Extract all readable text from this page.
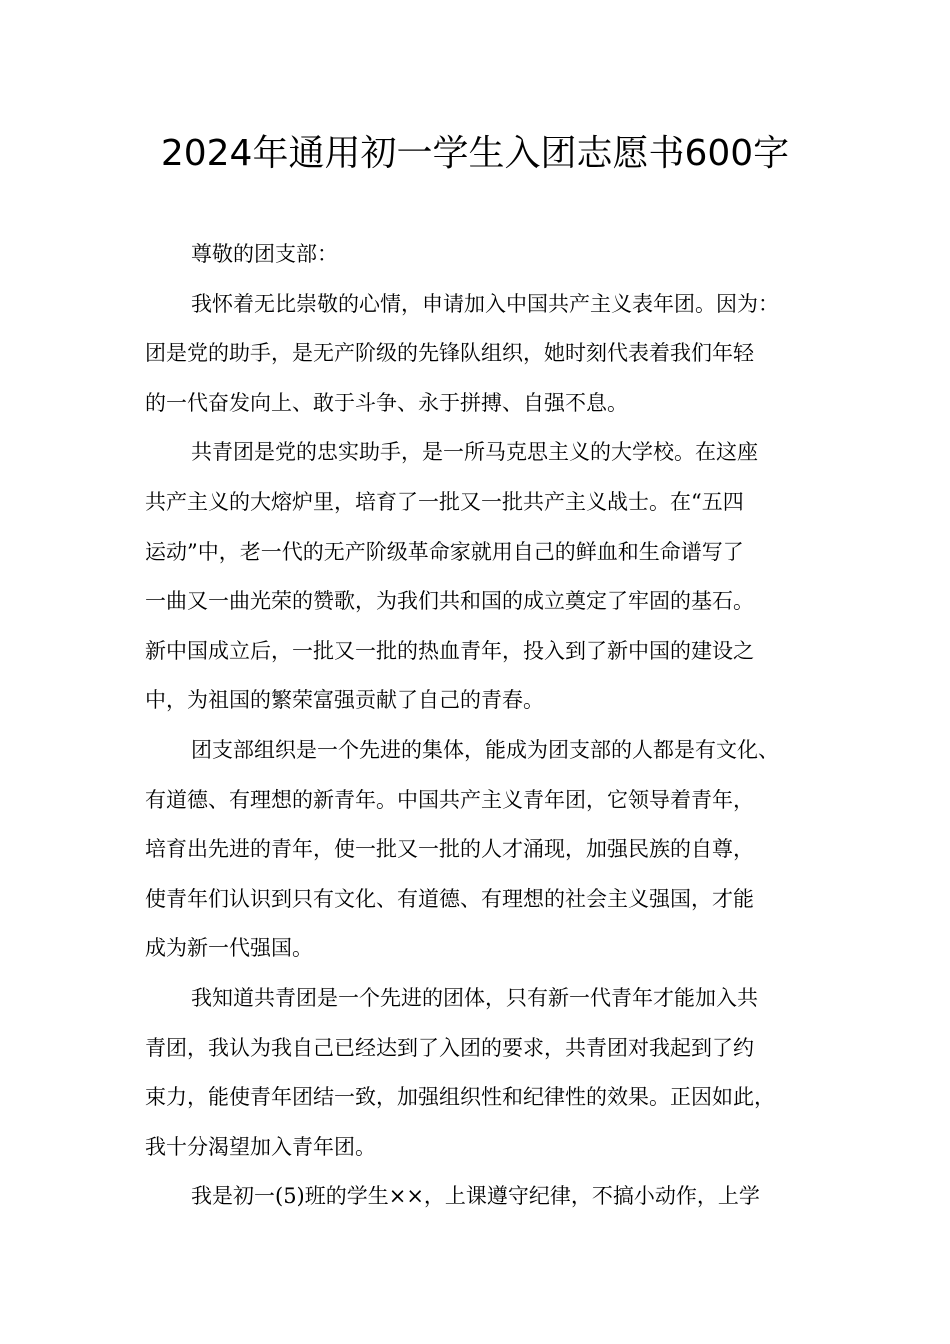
2024年通用初一学生入团志愿书600字

尊敬的团支部：

我怀着无比崇敬的心情，申请加入中国共产主义表年团。因为：
团是党的助手，是无产阶级的先锋队组织，她时刻代表着我们年轻
的一代奋发向上、敢于斗争、永于拼搏、自强不息。

共青团是党的忠实助手，是一所马克思主义的大学校。在这座
共产主义的大熔炉里，培育了一批又一批共产主义战士。在“五四
运动”中，老一代的无产阶级革命家就用自己的鲜血和生命谱写了
一曲又一曲光荣的赞歌，为我们共和国的成立奠定了牢固的基石。
新中国成立后，一批又一批的热血青年，投入到了新中国的建设之
中，为祖国的繁荣富强贡献了自己的青春。

团支部组织是一个先进的集体，能成为团支部的人都是有文化、
有道德、有理想的新青年。中国共产主义青年团，它领导着青年，
培育出先进的青年，使一批又一批的人才涌现，加强民族的自尊，
使青年们认识到只有文化、有道德、有理想的社会主义强国，才能
成为新一代强国。

我知道共青团是一个先进的团体，只有新一代青年才能加入共
青团，我认为我自己已经达到了入团的要求，共青团对我起到了约
束力，能使青年团结一致，加强组织性和纪律性的效果。正因如此，
我十分渴望加入青年团。

我是初一(5)班的学生××，上课遵守纪律，不搞小动作，上学
